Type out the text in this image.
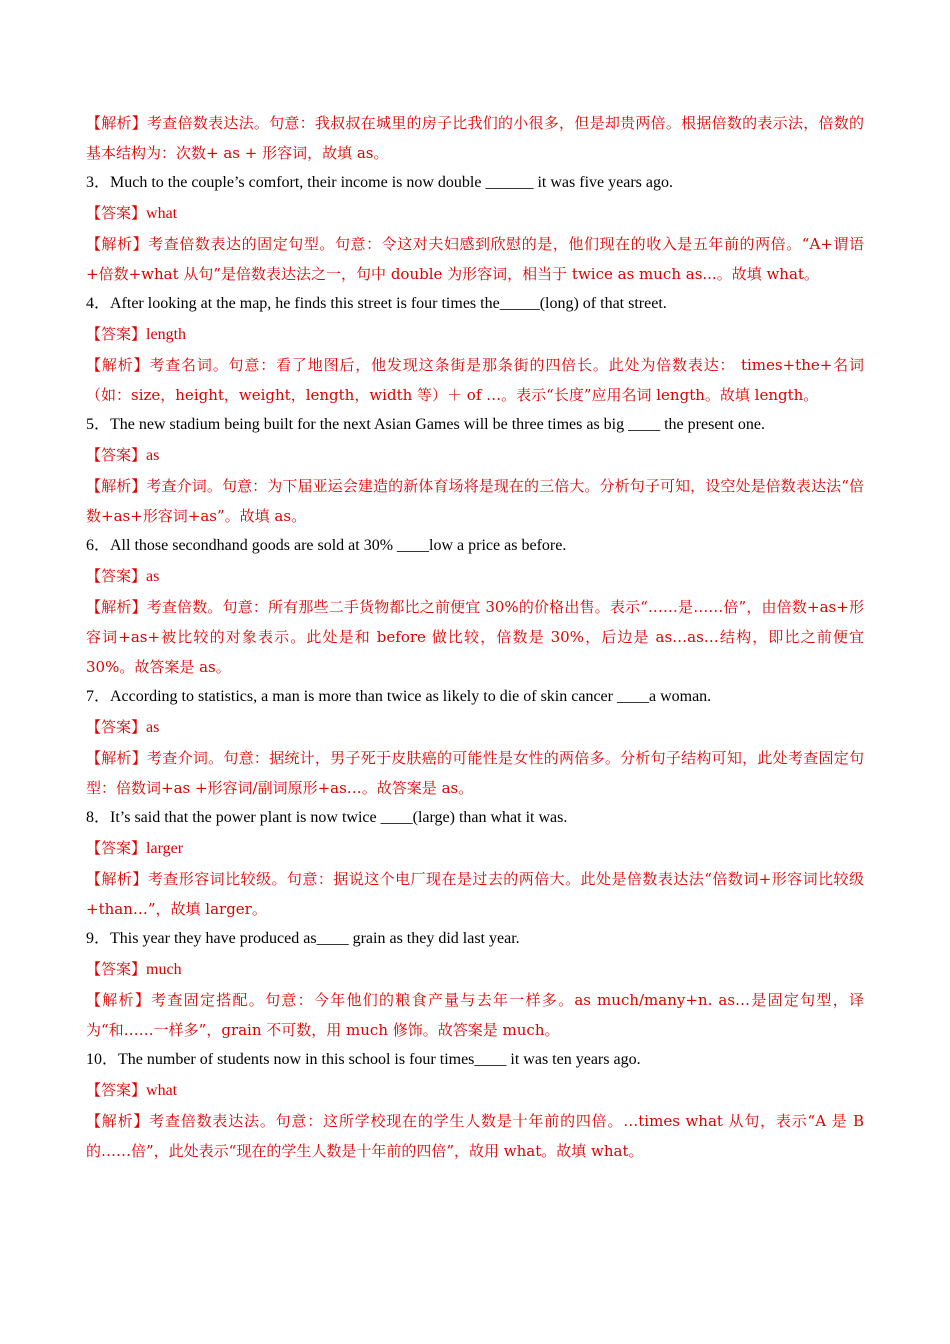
【解析】考查倍数表达法。句意：我叔叔在城里的房子比我们的小很多，但是却贵两倍。根据倍数的表示法，倍数的基本结构为：次数+ as + 形容词，故填 as。
3．Much to the couple’s comfort, their income is now double ______ it was five years ago.
【答案】what
【解析】考查倍数表达的固定句型。句意：令这对夫妇感到欣慰的是，他们现在的收入是五年前的两倍。“A+谓语+倍数+what 从句”是倍数表达法之一，句中 double 为形容词，相当于 twice as much as...。故填 what。
4．After looking at the map, he finds this street is four times the_____(long) of that street.
【答案】length
【解析】考查名词。句意：看了地图后，他发现这条街是那条街的四倍长。此处为倍数表达： times+the+名词（如：size，height，weight，length，width 等）＋ of …。表示“长度”应用名词 length。故填 length。
5．The new stadium being built for the next Asian Games will be three times as big ____ the present one.
【答案】as
【解析】考查介词。句意：为下届亚运会建造的新体育场将是现在的三倍大。分析句子可知，设空处是倍数表达法“倍数+as+形容词+as”。故填 as。
6．All those secondhand goods are sold at 30% ____low a price as before.
【答案】as
【解析】考查倍数。句意：所有那些二手货物都比之前便宜 30%的价格出售。表示“……是……倍”，由倍数+as+形容词+as+被比较的对象表示。此处是和 before 做比较，倍数是 30%，后边是 as…as…结构，即比之前便宜 30%。故答案是 as。
7．According to statistics, a man is more than twice as likely to die of skin cancer ____a woman.
【答案】as
【解析】考查介词。句意：据统计，男子死于皮肤癌的可能性是女性的两倍多。分析句子结构可知，此处考查固定句型：倍数词+as +形容词/副词原形+as…。故答案是 as。
8．It’s said that the power plant is now twice ____(large) than what it was.
【答案】larger
【解析】考查形容词比较级。句意：据说这个电厂现在是过去的两倍大。此处是倍数表达法“倍数词+形容词比较级+than…”，故填 larger。
9．This year they have produced as____ grain as they did last year.
【答案】much
【解析】考查固定搭配。句意：今年他们的粮食产量与去年一样多。as much/many+n. as…是固定句型，译为“和……一样多”，grain 不可数，用 much 修饰。故答案是 much。
10．The number of students now in this school is four times____ it was ten years ago.
【答案】what
【解析】考查倍数表达法。句意：这所学校现在的学生人数是十年前的四倍。…times what 从句，表示“A 是 B 的……倍”，此处表示“现在的学生人数是十年前的四倍”，故用 what。故填 what。
